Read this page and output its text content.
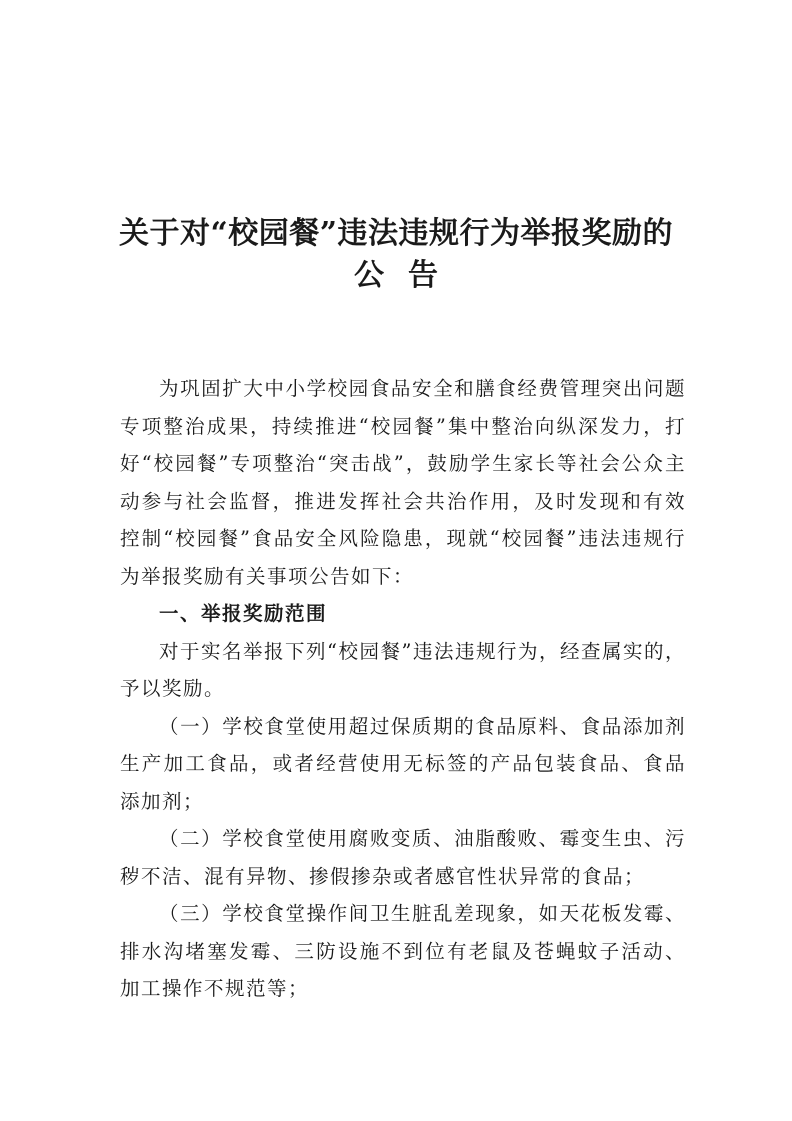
关于对“校园餐”违法违规行为举报奖励的
公告

为巩固扩大中小学校园食品安全和膳食经费管理突出问题专项整治成果，持续推进“校园餐”集中整治向纵深发力，打好“校园餐”专项整治“突击战”，鼓励学生家长等社会公众主动参与社会监督，推进发挥社会共治作用，及时发现和有效控制“校园餐”食品安全风险隐患，现就“校园餐”违法违规行为举报奖励有关事项公告如下：

一、举报奖励范围

对于实名举报下列“校园餐”违法违规行为，经查属实的，予以奖励。

（一）学校食堂使用超过保质期的食品原料、食品添加剂生产加工食品，或者经营使用无标签的产品包装食品、食品添加剂；

（二）学校食堂使用腐败变质、油脂酸败、霉变生虫、污秽不洁、混有异物、掺假掺杂或者感官性状异常的食品；

（三）学校食堂操作间卫生脏乱差现象，如天花板发霉、排水沟堵塞发霉、三防设施不到位有老鼠及苍蝇蚊子活动、加工操作不规范等；
